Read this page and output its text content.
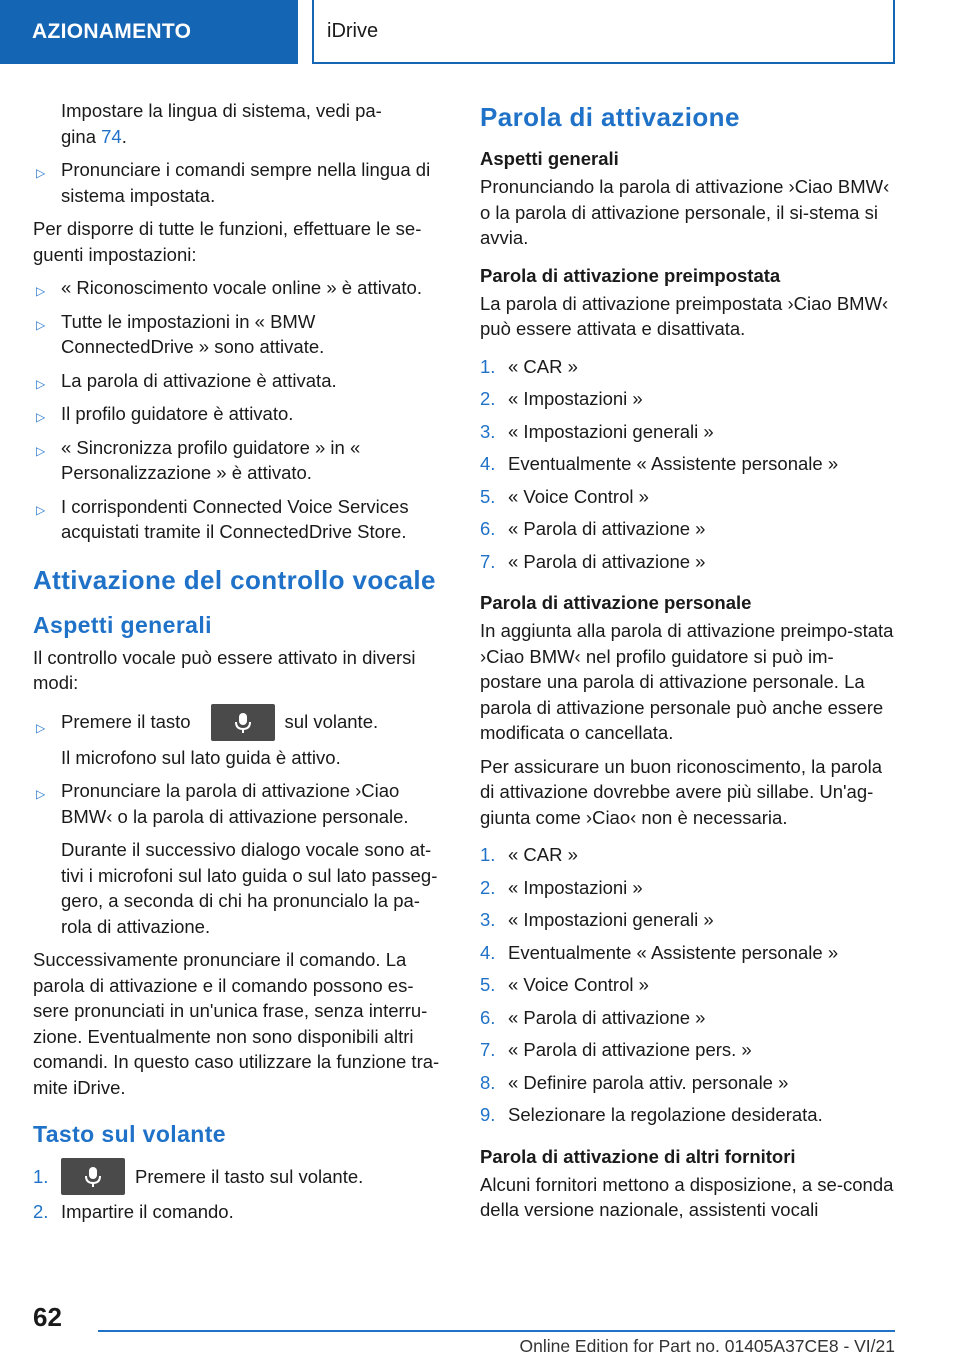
AZIONAMENTO	iDrive

Impostare la lingua di sistema, vedi pa-
gina 74.

▷ Pronunciare i comandi sempre nella lingua di sistema impostata.

Per disporre di tutte le funzioni, effettuare le se-guenti impostazioni:

▷ « Riconoscimento vocale online » è attivato.
▷ Tutte le impostazioni in « BMW ConnectedDrive » sono attivate.
▷ La parola di attivazione è attivata.
▷ Il profilo guidatore è attivato.
▷ « Sincronizza profilo guidatore » in « Personalizzazione » è attivato.
▷ I corrispondenti Connected Voice Services acquistati tramite il ConnectedDrive Store.
Attivazione del controllo vocale
Aspetti generali

Il controllo vocale può essere attivato in diversi modi:

▷ Premere il tasto	sul volante.

Il microfono sul lato guida è attivo.

▷ Pronunciare la parola di attivazione ›Ciao BMW‹ o la parola di attivazione personale.

Durante il successivo dialogo vocale sono at-tivi i microfoni sul lato guida o sul lato passeg-gero, a seconda di chi ha pronuncialo la pa-rola di attivazione.

Successivamente pronunciare il comando. La parola di attivazione e il comando possono es-sere pronunciati in un'unica frase, senza interru-zione. Eventualmente non sono disponibili altri comandi. In questo caso utilizzare la funzione tra-mite iDrive.

Tasto sul volante
1.	Premere il tasto sul volante.
2. Impartire il comando.
Parola di attivazione
Aspetti generali

Pronunciando la parola di attivazione ›Ciao BMW‹ o la parola di attivazione personale, il si-stema si avvia.

Parola di attivazione preimpostata

La parola di attivazione preimpostata ›Ciao BMW‹ può essere attivata e disattivata.

1. « CAR »
2. « Impostazioni »
3. « Impostazioni generali »
4. Eventualmente « Assistente personale »
5. « Voice Control »
6. « Parola di attivazione »
7. « Parola di attivazione »
Parola di attivazione personale

In aggiunta alla parola di attivazione preimpo-stata ›Ciao BMW‹ nel profilo guidatore si può im-postare una parola di attivazione personale. La parola di attivazione personale può anche essere modificata o cancellata.

Per assicurare un buon riconoscimento, la parola di attivazione dovrebbe avere più sillabe. Un'ag-giunta come ›Ciao‹ non è necessaria.

1. « CAR »
2. « Impostazioni »
3. « Impostazioni generali »
4. Eventualmente « Assistente personale »
5. « Voice Control »
6. « Parola di attivazione »
7. « Parola di attivazione pers. »
8. « Definire parola attiv. personale »
9. Selezionare la regolazione desiderata.
Parola di attivazione di altri fornitori

Alcuni fornitori mettono a disposizione, a se-conda della versione nazionale, assistenti vocali

62
Online Edition for Part no. 01405A37CE8 - VI/21
